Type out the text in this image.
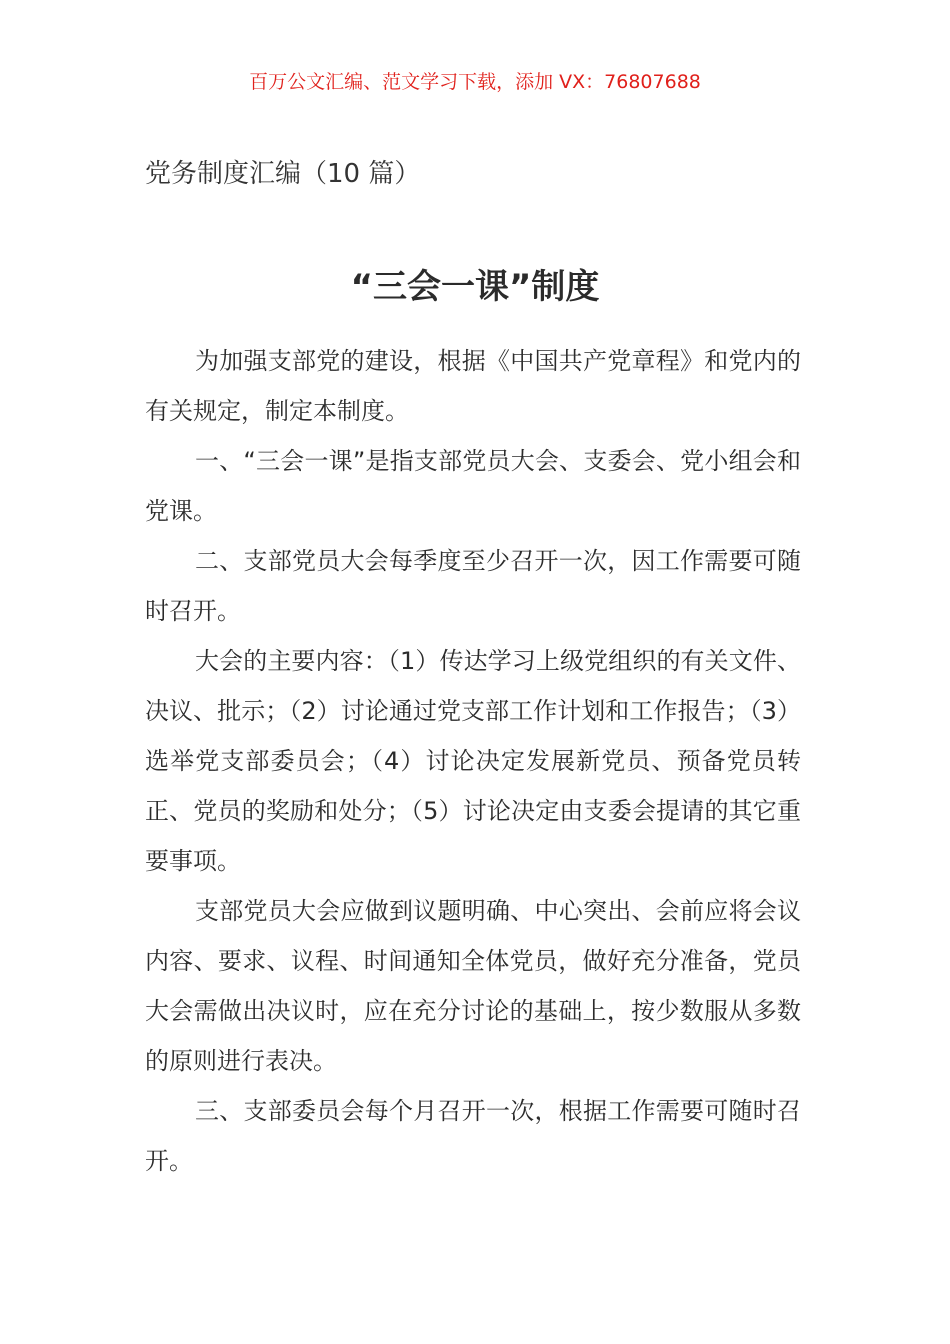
百万公文汇编、范文学习下载，添加 VX：76807688
党务制度汇编（10 篇）
“三会一课”制度

为加强支部党的建设，根据《中国共产党章程》和党内的有关规定，制定本制度。

一、“三会一课”是指支部党员大会、支委会、党小组会和党课。

二、支部党员大会每季度至少召开一次，因工作需要可随时召开。

大会的主要内容：（1）传达学习上级党组织的有关文件、决议、批示；（2）讨论通过党支部工作计划和工作报告；（3）选举党支部委员会；（4）讨论决定发展新党员、预备党员转正、党员的奖励和处分；（5）讨论决定由支委会提请的其它重要事项。

支部党员大会应做到议题明确、中心突出、会前应将会议内容、要求、议程、时间通知全体党员，做好充分准备，党员大会需做出决议时，应在充分讨论的基础上，按少数服从多数的原则进行表决。

三、支部委员会每个月召开一次，根据工作需要可随时召开。
